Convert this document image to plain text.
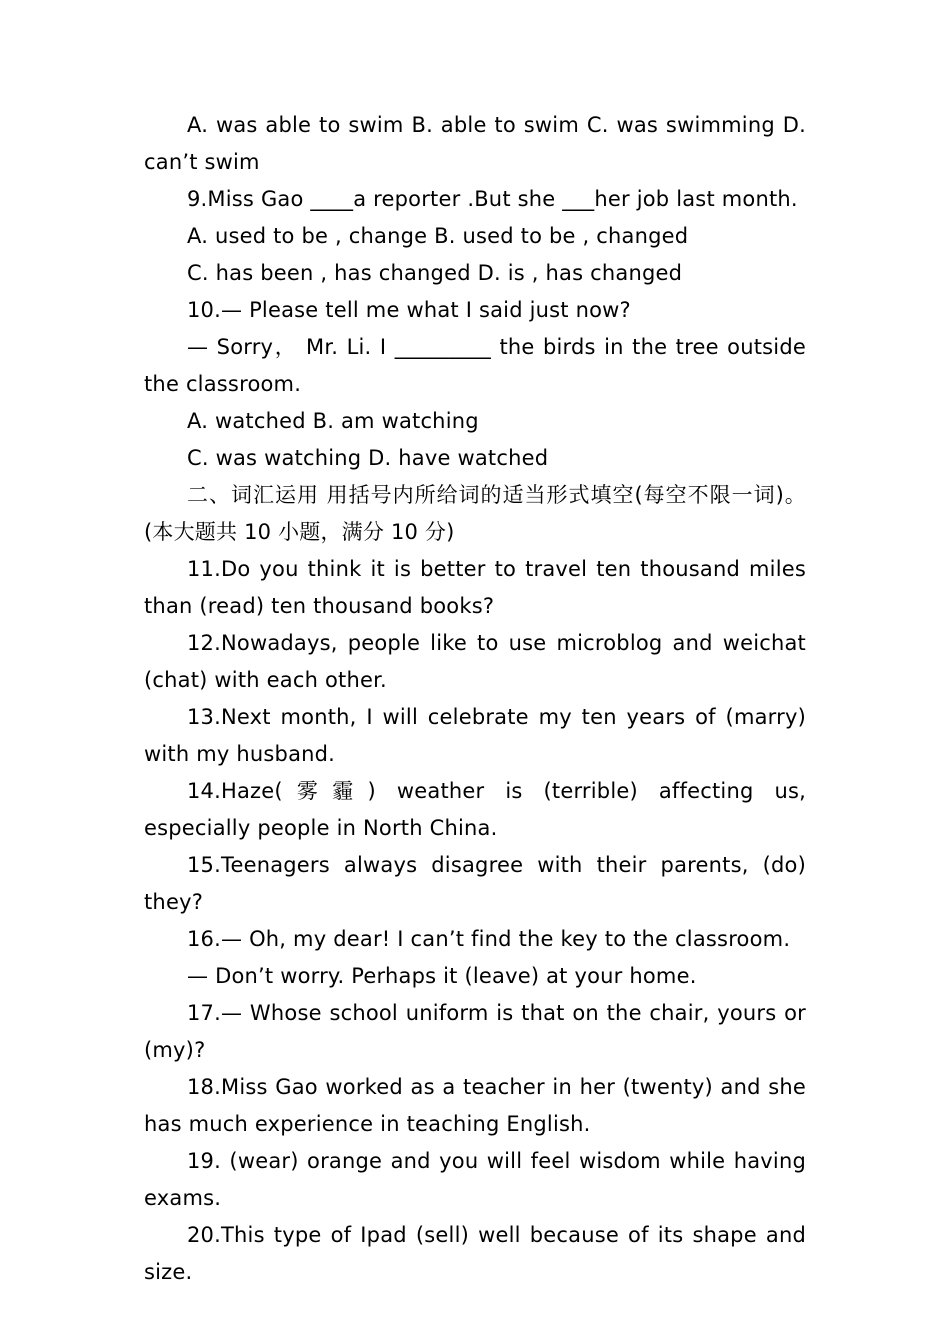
A. was able to swim B. able to swim C. was swimming D. can’t swim

9.Miss Gao ____a reporter .But she ___her job last month.

A. used to be , change B. used to be , changed

C. has been , has changed D. is , has changed

10.— Please tell me what I said just now?

— Sorry， Mr. Li. I _________ the birds in the tree outside the classroom.

A. watched B. am watching

C. was watching D. have watched

二、词汇运用 用括号内所给词的适当形式填空(每空不限一词)。(本大题共 10 小题，满分 10 分)

11.Do you think it is better to travel ten thousand miles than (read) ten thousand books?

12.Nowadays, people like to use microblog and weichat (chat) with each other.

13.Next month, I will celebrate my ten years of (marry) with my husband.

14.Haze(雾霾) weather is (terrible) affecting us, especially people in North China.

15.Teenagers always disagree with their parents, (do) they?

16.— Oh, my dear! I can’t find the key to the classroom.

— Don’t worry. Perhaps it (leave) at your home.

17.— Whose school uniform is that on the chair, yours or (my)?

18.Miss Gao worked as a teacher in her (twenty) and she has much experience in teaching English.

19. (wear) orange and you will feel wisdom while having exams.

20.This type of Ipad (sell) well because of its shape and size.
